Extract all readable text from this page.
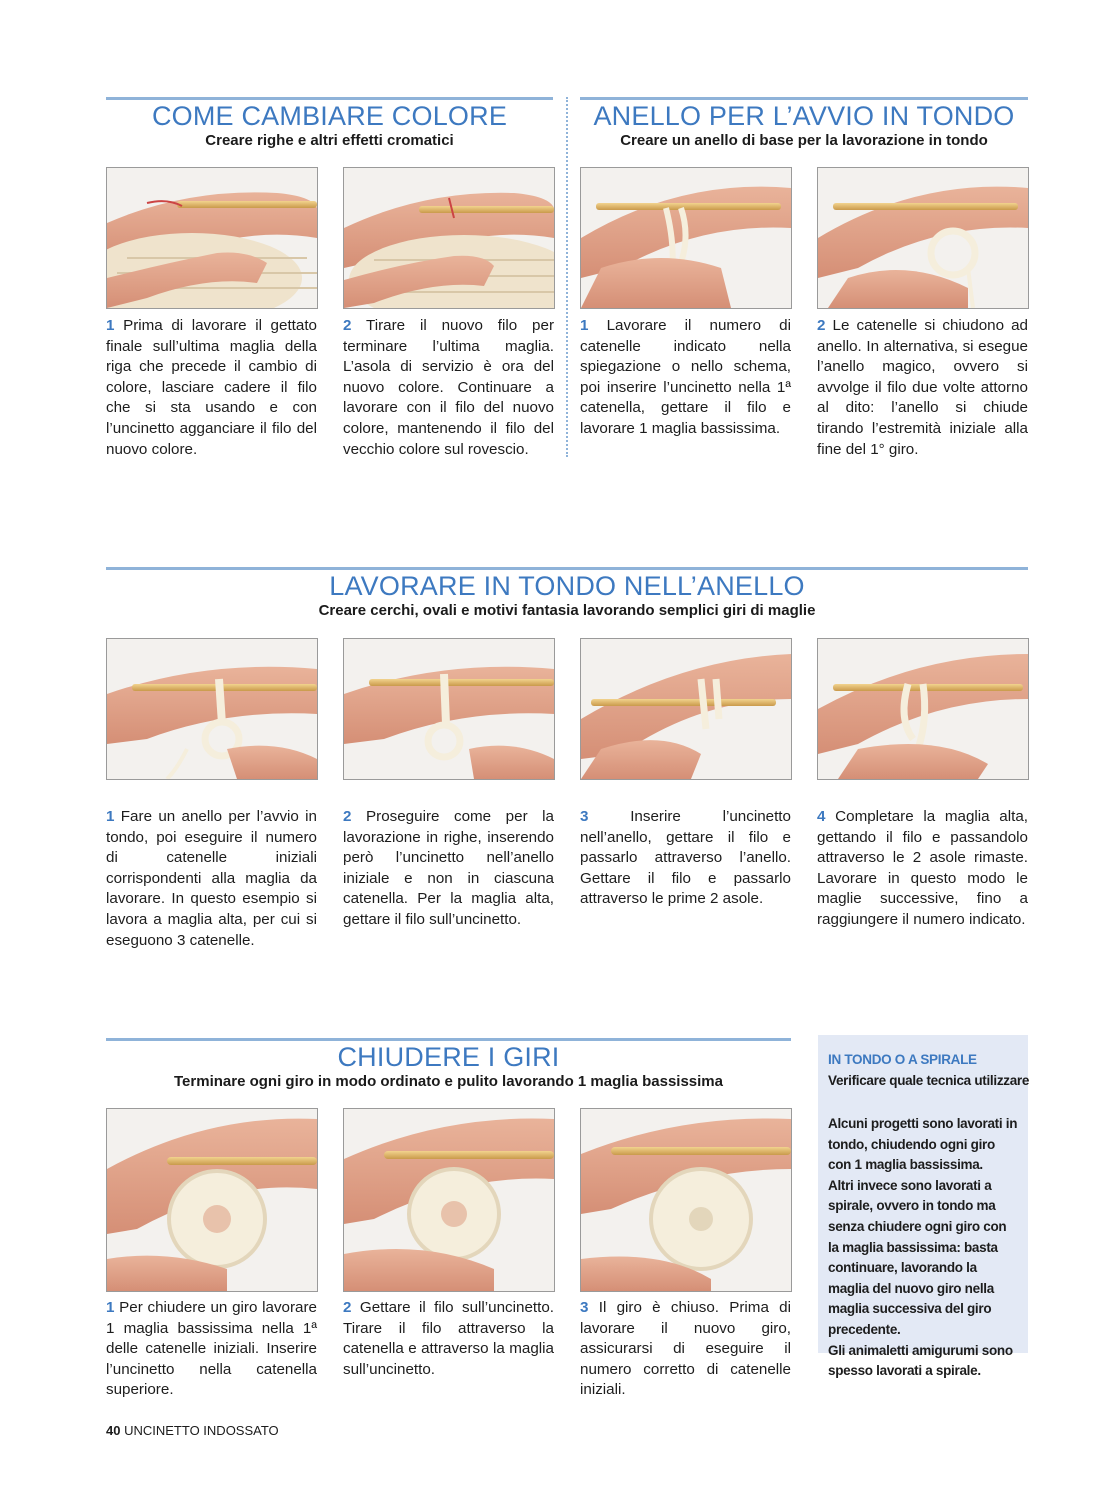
COME CAMBIARE COLORE
Creare righe e altri effetti cromatici
ANELLO PER L’AVVIO IN TONDO
Creare un anello di base per la lavorazione in tondo
1 Prima di lavorare il gettato finale sull’ultima maglia della riga che precede il cambio di colore, lasciare cadere il filo che si sta usando e con l’uncinetto agganciare il filo del nuovo colore.
2 Tirare il nuovo filo per terminare l’ultima maglia. L’asola di servizio è ora del nuovo colore. Continuare a lavorare con il filo del nuovo colore, mantenendo il filo del vecchio colore sul rovescio.
1 Lavorare il numero di catenelle indicato nella spiegazione o nello schema, poi inserire l’uncinetto nella 1ª catenella, gettare il filo e lavorare 1 maglia bassissima.
2 Le catenelle si chiudono ad anello. In alternativa, si esegue l’anello magico, ovvero si avvolge il filo due volte attorno al dito: l’anello si chiude tirando l’estremità iniziale alla fine del 1° giro.
LAVORARE IN TONDO NELL’ANELLO
Creare cerchi, ovali e motivi fantasia lavorando semplici giri di maglie
1 Fare un anello per l’avvio in tondo, poi eseguire il numero di catenelle iniziali corrispondenti alla maglia da lavorare. In questo esempio si lavora a maglia alta, per cui si eseguono 3 catenelle.
2 Proseguire come per la lavorazione in righe, inserendo però l’uncinetto nell’anello iniziale e non in ciascuna catenella. Per la maglia alta, gettare il filo sull’uncinetto.
3	Inserire l’uncinetto nell’anello, gettare il filo e passarlo attraverso l’anello. Gettare il filo e passarlo attraverso le prime 2 asole.
4 Completare la maglia alta, gettando il filo e passandolo attraverso le 2 asole rimaste. Lavorare in questo modo le maglie successive, fino a raggiungere il numero indicato.
CHIUDERE I GIRI
Terminare ogni giro in modo ordinato e pulito lavorando 1 maglia bassissima
1 Per chiudere un giro lavorare 1 maglia bassissima nella 1ª delle catenelle iniziali. Inserire l’uncinetto nella catenella superiore.
2 Gettare il filo sull’uncinetto. Tirare il filo attraverso la catenella e attraverso la maglia sull’uncinetto.
3 Il giro è chiuso. Prima di lavorare il nuovo giro, assicurarsi di eseguire il numero corretto di catenelle iniziali.
IN TONDO O A SPIRALE
Verificare quale tecnica utilizzare

Alcuni progetti sono lavorati in tondo, chiudendo ogni giro con 1 maglia bassissima.

Altri invece sono lavorati a spirale, ovvero in tondo ma senza chiudere ogni giro con la maglia bassissima: basta continuare, lavorando la maglia del nuovo giro nella maglia successiva del giro precedente.

Gli animaletti amigurumi sono spesso lavorati a spirale.

40 UNCINETTO INDOSSATO
